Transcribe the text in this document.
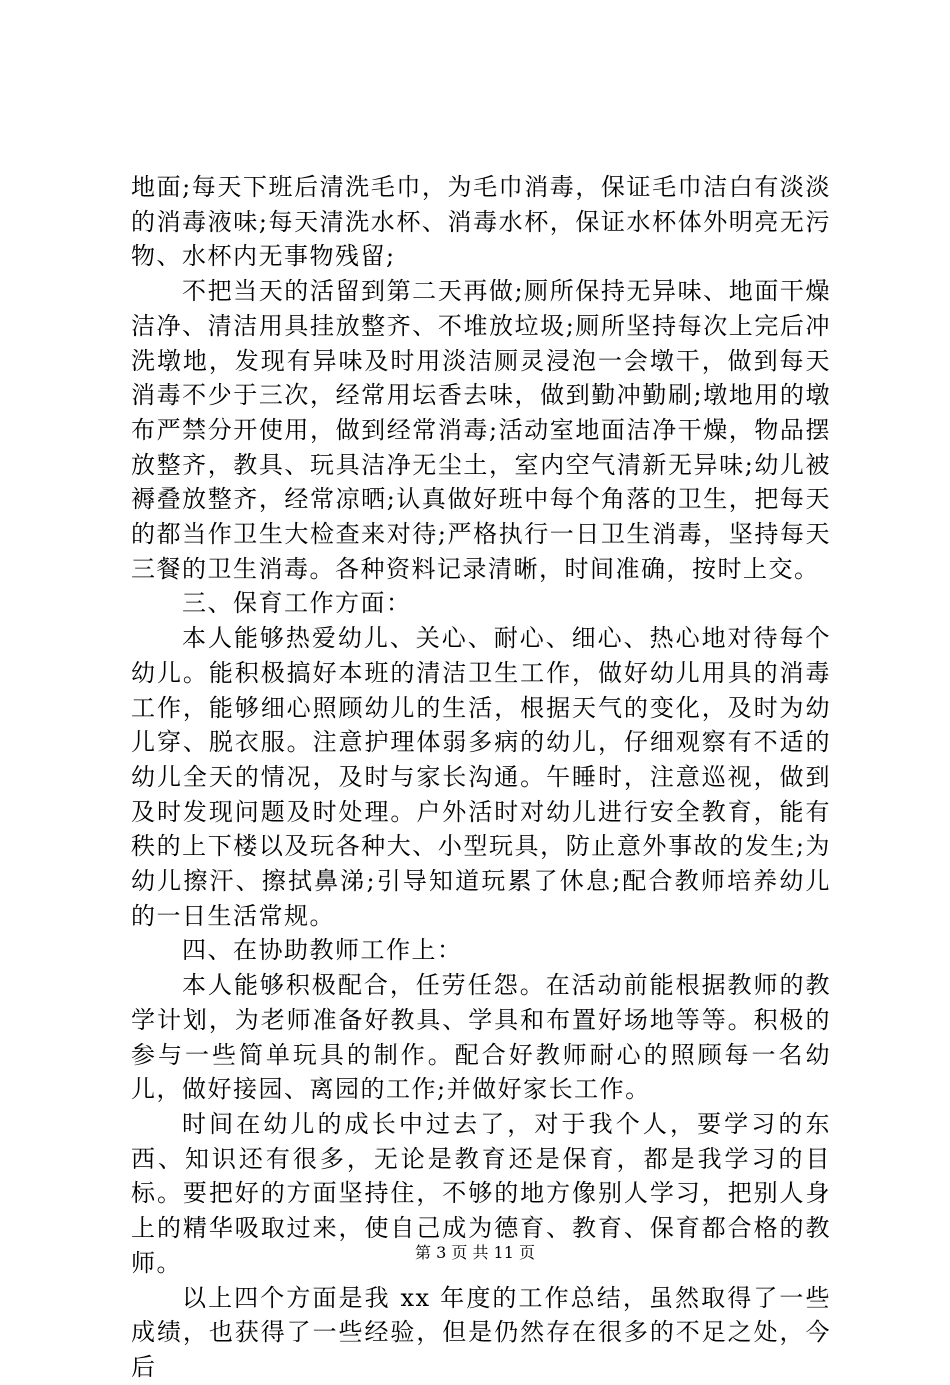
地面;每天下班后清洗毛巾，为毛巾消毒，保证毛巾洁白有淡淡的消毒液味;每天清洗水杯、消毒水杯，保证水杯体外明亮无污物、水杯内无事物残留;

不把当天的活留到第二天再做;厕所保持无异味、地面干燥洁净、清洁用具挂放整齐、不堆放垃圾;厕所坚持每次上完后冲洗墩地，发现有异味及时用淡洁厕灵浸泡一会墩干，做到每天消毒不少于三次，经常用坛香去味，做到勤冲勤刷;墩地用的墩布严禁分开使用，做到经常消毒;活动室地面洁净干燥，物品摆放整齐，教具、玩具洁净无尘土，室内空气清新无异味;幼儿被褥叠放整齐，经常凉晒;认真做好班中每个角落的卫生，把每天的都当作卫生大检查来对待;严格执行一日卫生消毒，坚持每天三餐的卫生消毒。各种资料记录清晰，时间准确，按时上交。

三、保育工作方面：

本人能够热爱幼儿、关心、耐心、细心、热心地对待每个幼儿。能积极搞好本班的清洁卫生工作，做好幼儿用具的消毒工作，能够细心照顾幼儿的生活，根据天气的变化，及时为幼儿穿、脱衣服。注意护理体弱多病的幼儿，仔细观察有不适的幼儿全天的情况，及时与家长沟通。午睡时，注意巡视，做到及时发现问题及时处理。户外活时对幼儿进行安全教育，能有秩的上下楼以及玩各种大、小型玩具，防止意外事故的发生;为幼儿擦汗、擦拭鼻涕;引导知道玩累了休息;配合教师培养幼儿的一日生活常规。

四、在协助教师工作上：

本人能够积极配合，任劳任怨。在活动前能根据教师的教学计划，为老师准备好教具、学具和布置好场地等等。积极的参与一些简单玩具的制作。配合好教师耐心的照顾每一名幼儿，做好接园、离园的工作;并做好家长工作。

时间在幼儿的成长中过去了，对于我个人，要学习的东西、知识还有很多，无论是教育还是保育，都是我学习的目标。要把好的方面坚持住，不够的地方像别人学习，把别人身上的精华吸取过来，使自己成为德育、教育、保育都合格的教师。

以上四个方面是我 xx 年度的工作总结，虽然取得了一些成绩，也获得了一些经验，但是仍然存在很多的不足之处，今后

第 3 页 共 11 页
